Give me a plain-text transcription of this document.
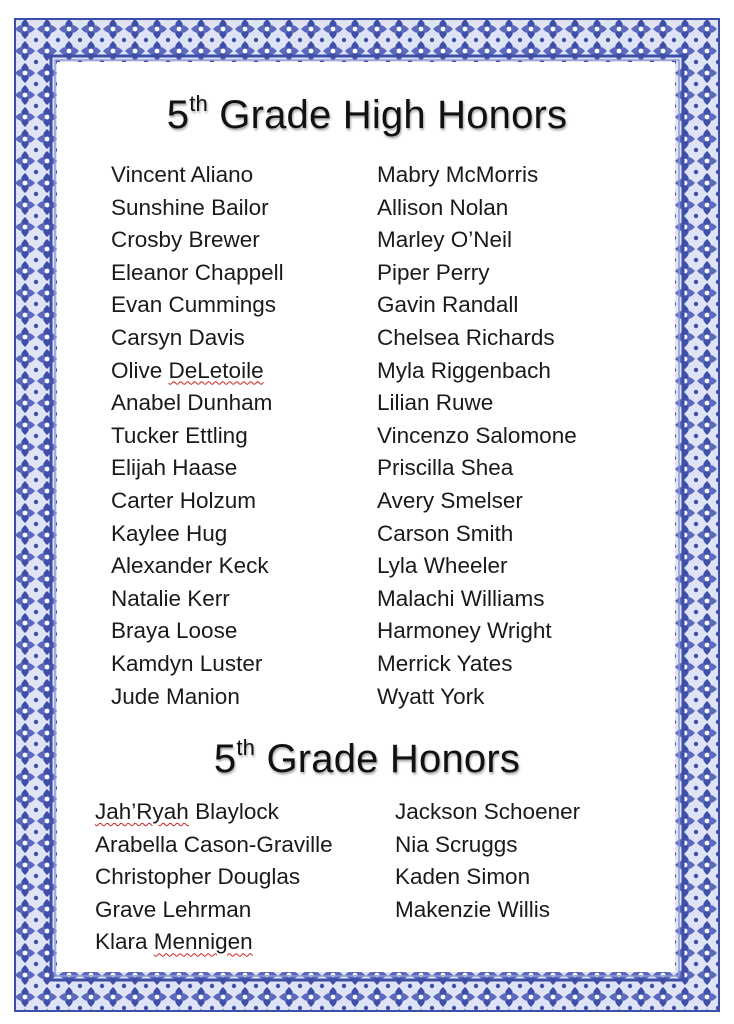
5th Grade High Honors
Vincent Aliano
Sunshine Bailor
Crosby Brewer
Eleanor Chappell
Evan Cummings
Carsyn Davis
Olive DeLetoile
Anabel Dunham
Tucker Ettling
Elijah Haase
Carter Holzum
Kaylee Hug
Alexander Keck
Natalie Kerr
Braya Loose
Kamdyn Luster
Jude Manion
Mabry McMorris
Allison Nolan
Marley O’Neil
Piper Perry
Gavin Randall
Chelsea Richards
Myla Riggenbach
Lilian Ruwe
Vincenzo Salomone
Priscilla Shea
Avery Smelser
Carson Smith
Lyla Wheeler
Malachi Williams
Harmoney Wright
Merrick Yates
Wyatt York
5th Grade Honors
Jah’Ryah Blaylock
Arabella Cason-Graville
Christopher Douglas
Grave Lehrman
Klara Mennigen
Jackson Schoener
Nia Scruggs
Kaden Simon
Makenzie Willis
